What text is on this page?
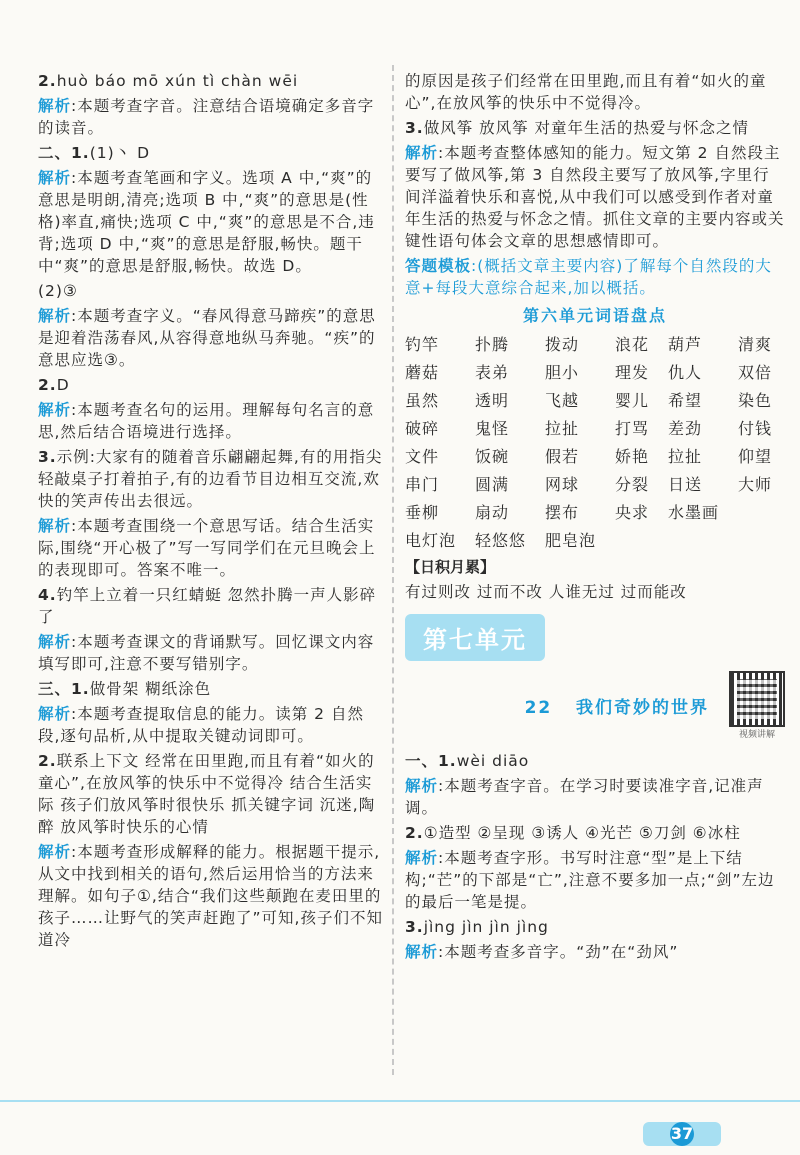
2.huò báo mō xún tì chàn wēi
解析:本题考查字音。注意结合语境确定多音字的读音。
二、1.(1)丶 D
解析:本题考查笔画和字义。选项 A 中,“爽”的意思是明朗,清亮;选项 B 中,“爽”的意思是(性格)率直,痛快;选项 C 中,“爽”的意思是不合,违背;选项 D 中,“爽”的意思是舒服,畅快。题干中“爽”的意思是舒服,畅快。故选 D。
(2)③
解析:本题考查字义。“春风得意马蹄疾”的意思是迎着浩荡春风,从容得意地纵马奔驰。“疾”的意思应选③。
2.D
解析:本题考查名句的运用。理解每句名言的意思,然后结合语境进行选择。
3.示例:大家有的随着音乐翩翩起舞,有的用指尖轻敲桌子打着拍子,有的边看节目边相互交流,欢快的笑声传出去很远。
解析:本题考查围绕一个意思写话。结合生活实际,围绕“开心极了”写一写同学们在元旦晚会上的表现即可。答案不唯一。
4.钓竿上立着一只红蜻蜓 忽然扑腾一声人影碎了
解析:本题考查课文的背诵默写。回忆课文内容填写即可,注意不要写错别字。
三、1.做骨架 糊纸涂色
解析:本题考查提取信息的能力。读第 2 自然段,逐句品析,从中提取关键动词即可。
2.联系上下文 经常在田里跑,而且有着“如火的童心”,在放风筝的快乐中不觉得冷 结合生活实际 孩子们放风筝时很快乐 抓关键字词 沉迷,陶醉 放风筝时快乐的心情
解析:本题考查形成解释的能力。根据题干提示,从文中找到相关的语句,然后运用恰当的方法来理解。如句子①,结合“我们这些颠跑在麦田里的孩子……让野气的笑声赶跑了”可知,孩子们不知道冷
的原因是孩子们经常在田里跑,而且有着“如火的童心”,在放风筝的快乐中不觉得冷。
3.做风筝 放风筝 对童年生活的热爱与怀念之情
解析:本题考查整体感知的能力。短文第 2 自然段主要写了做风筝,第 3 自然段主要写了放风筝,字里行间洋溢着快乐和喜悦,从中我们可以感受到作者对童年生活的热爱与怀念之情。抓住文章的主要内容或关键性语句体会文章的思想感情即可。
答题模板:(概括文章主要内容)了解每个自然段的大意+每段大意综合起来,加以概括。
第六单元词语盘点
钓竿	扑腾	拨动	浪花	葫芦	清爽
蘑菇	表弟	胆小	理发	仇人	双倍
虽然	透明	飞越	婴儿	希望	染色
破碎	鬼怪	拉扯	打骂	差劲	付钱
文件	饭碗	假若	娇艳	拉扯	仰望
串门	圆满	网球	分裂	日送	大师
垂柳	扇动	摆布	央求	水墨画
电灯泡	轻悠悠	肥皂泡
【日积月累】
有过则改 过而不改 人谁无过 过而能改
第七单元
22 我们奇妙的世界
视频讲解
一、1.wèi diāo
解析:本题考查字音。在学习时要读准字音,记准声调。
2.①造型 ②呈现 ③诱人 ④光芒 ⑤刀剑 ⑥冰柱
解析:本题考查字形。书写时注意“型”是上下结构;“芒”的下部是“亡”,注意不要多加一点;“剑”左边的最后一笔是提。
3.jìng jìn jìn jìng
解析:本题考查多音字。“劲”在“劲风”
37
